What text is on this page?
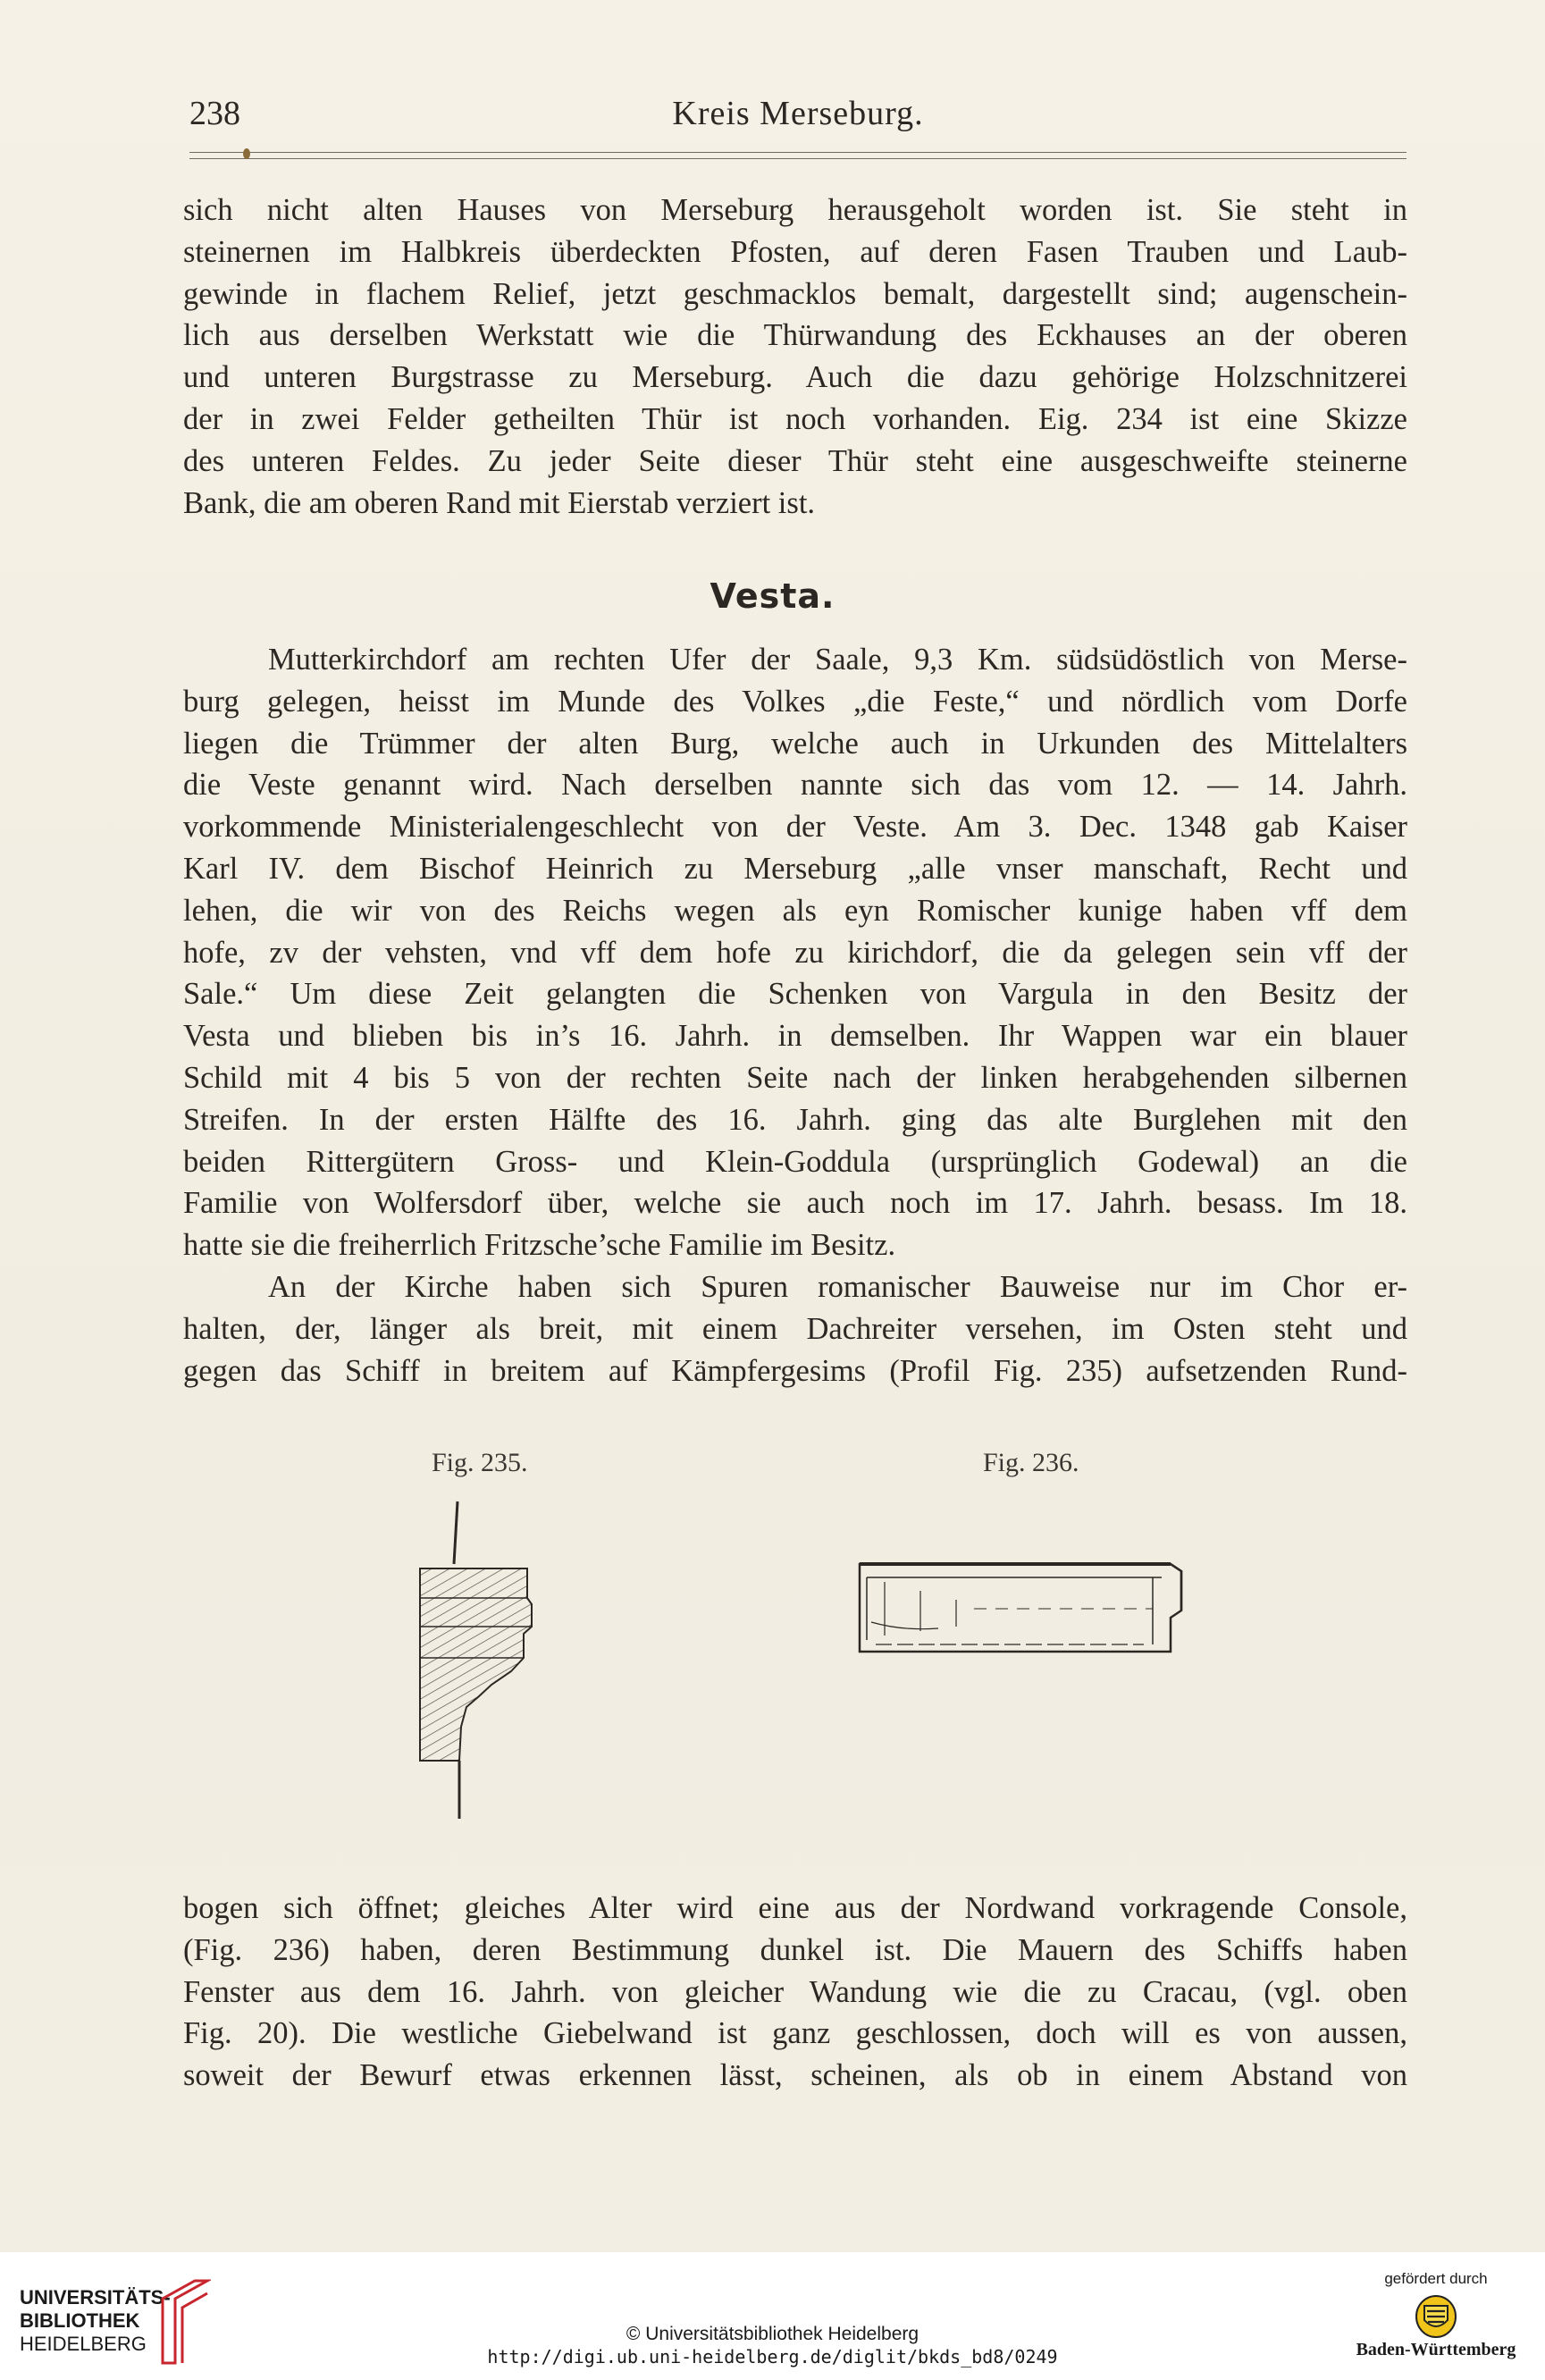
238	Kreis Merseburg.

sich nicht alten Hauses von Merseburg herausgeholt worden ist. Sie steht in
steinernen im Halbkreis überdeckten Pfosten, auf deren Fasen Trauben und Laub-
gewinde in flachem Relief, jetzt geschmacklos bemalt, dargestellt sind; augenschein-
lich aus derselben Werkstatt wie die Thürwandung des Eckhauses an der oberen
und unteren Burgstrasse zu Merseburg. Auch die dazu gehörige Holzschnitzerei
der in zwei Felder getheilten Thür ist noch vorhanden. Eig. 234 ist eine Skizze
des unteren Feldes. Zu jeder Seite dieser Thür steht eine ausgeschweifte steinerne
Bank, die am oberen Rand mit Eierstab verziert ist.

Vesta.

Mutterkirchdorf am rechten Ufer der Saale, 9,3 Km. südsüdöstlich von Merse-
burg gelegen, heisst im Munde des Volkes „die Feste,“ und nördlich vom Dorfe
liegen die Trümmer der alten Burg, welche auch in Urkunden des Mittelalters
die Veste genannt wird. Nach derselben nannte sich das vom 12. — 14. Jahrh.
vorkommende Ministerialengeschlecht von der Veste. Am 3. Dec. 1348 gab Kaiser
Karl IV. dem Bischof Heinrich zu Merseburg „alle vnser manschaft, Recht und
lehen, die wir von des Reichs wegen als eyn Romischer kunige haben vff dem
hofe, zv der vehsten, vnd vff dem hofe zu kirichdorf, die da gelegen sein vff der
Sale.“ Um diese Zeit gelangten die Schenken von Vargula in den Besitz der
Vesta und blieben bis in’s 16. Jahrh. in demselben. Ihr Wappen war ein blauer
Schild mit 4 bis 5 von der rechten Seite nach der linken herabgehenden silbernen
Streifen. In der ersten Hälfte des 16. Jahrh. ging das alte Burglehen mit den
beiden Rittergütern Gross- und Klein-Goddula (ursprünglich Godewal) an die
Familie von Wolfersdorf über, welche sie auch noch im 17. Jahrh. besass. Im 18.
hatte sie die freiherrlich Fritzsche’sche Familie im Besitz.

An der Kirche haben sich Spuren romanischer Bauweise nur im Chor er-
halten, der, länger als breit, mit einem Dachreiter versehen, im Osten steht und
gegen das Schiff in breitem auf Kämpfergesims (Profil Fig. 235) aufsetzenden Rund-

Fig. 235.	Fig. 236.

bogen sich öffnet; gleiches Alter wird eine aus der Nordwand vorkragende Console,
(Fig. 236) haben, deren Bestimmung dunkel ist. Die Mauern des Schiffs haben
Fenster aus dem 16. Jahrh. von gleicher Wandung wie die zu Cracau, (vgl. oben
Fig. 20). Die westliche Giebelwand ist ganz geschlossen, doch will es von aussen,
soweit der Bewurf etwas erkennen lässt, scheinen, als ob in einem Abstand von

UNIVERSITÄTS-
BIBLIOTHEK
HEIDELBERG	© Universitätsbibliothek Heidelberg
http://digi.ub.uni-heidelberg.de/diglit/bkds_bd8/0249
gefördert durch
Baden-Württemberg
